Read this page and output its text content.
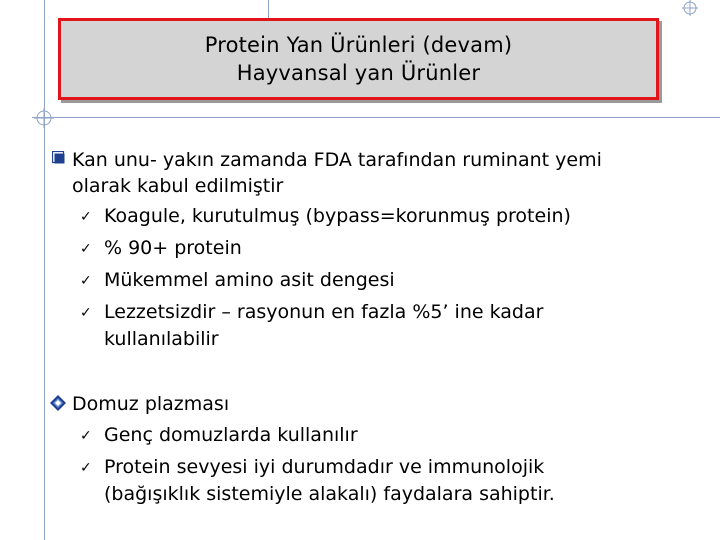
Protein Yan Ürünleri (devam)
Hayvansal yan Ürünler
Kan unu- yakın zamanda FDA tarafından ruminant yemi
olarak kabul edilmiştir
✓ Koagule, kurutulmuş (bypass=korunmuş protein)
✓ % 90+ protein
✓ Mükemmel amino asit dengesi
✓ Lezzetsizdir – rasyonun en fazla %5’ ine kadar
kullanılabilir
Domuz plazması
✓ Genç domuzlarda kullanılır
✓ Protein sevyesi iyi durumdadır ve immunolojik
(bağışıklık sistemiyle alakalı) faydalara sahiptir.
